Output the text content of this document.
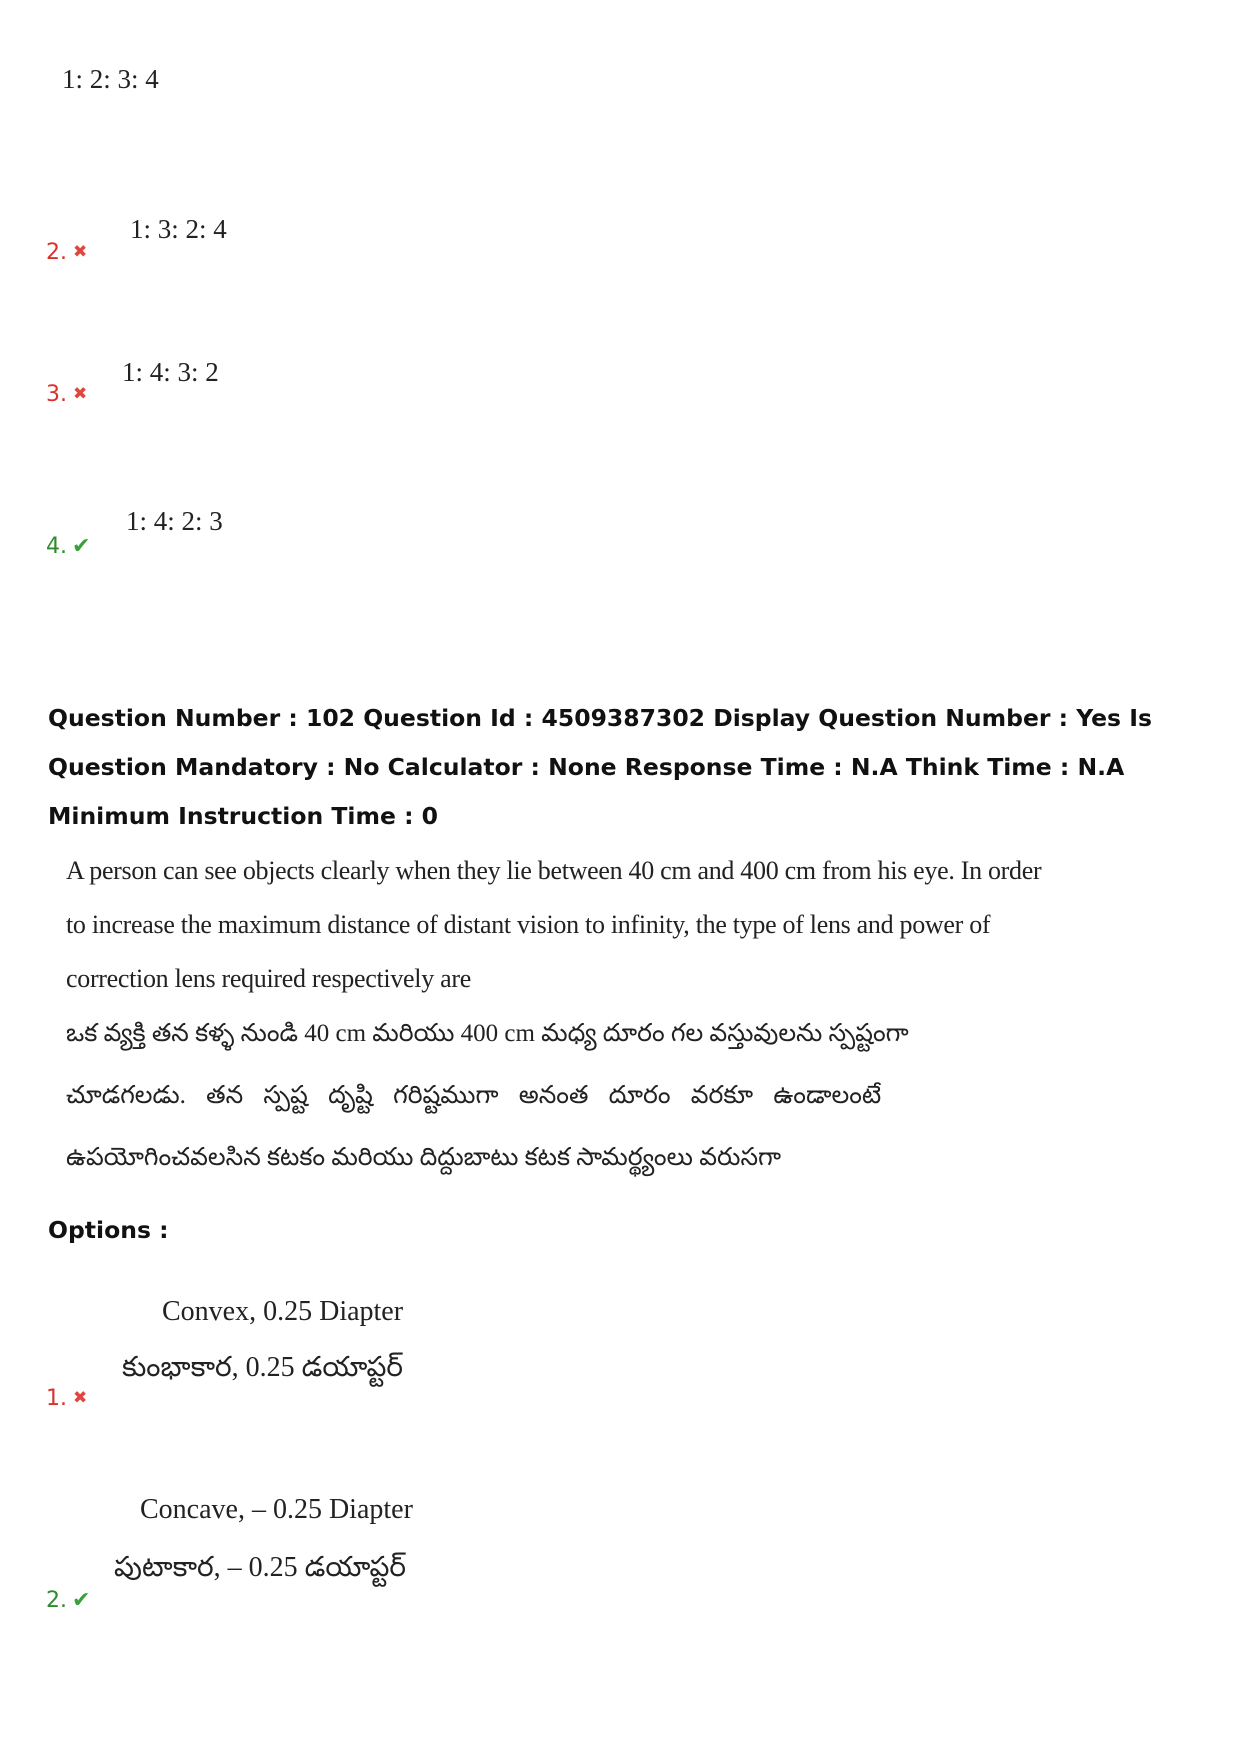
1: 2: 3: 4
2. ✖
1: 3: 2: 4
3. ✖
1: 4: 3: 2
4. ✔
1: 4: 2: 3
Question Number : 102 Question Id : 4509387302 Display Question Number : Yes Is Question Mandatory : No Calculator : None Response Time : N.A Think Time : N.A Minimum Instruction Time : 0
A person can see objects clearly when they lie between 40 cm and 400 cm from his eye. In order
to increase the maximum distance of distant vision to infinity, the type of lens and power of
correction lens required respectively are
ఒక వ్యక్తి తన కళ్ళ నుండి 40 cm మరియు 400 cm మధ్య దూరం గల వస్తువులను స్పష్టంగా
చూడగలడు. తన స్పష్ట దృష్టి గరిష్టముగా అనంత దూరం వరకూ ఉండాలంటే
ఉపయోగించవలసిన కటకం మరియు దిద్దుబాటు కటక సామర్థ్యంలు వరుసగా
Options :
Convex, 0.25 Diapter
కుంభాకార, 0.25 డయాప్టర్
1. ✖
Concave, – 0.25 Diapter
పుటాకార, – 0.25 డయాప్టర్
2. ✔
